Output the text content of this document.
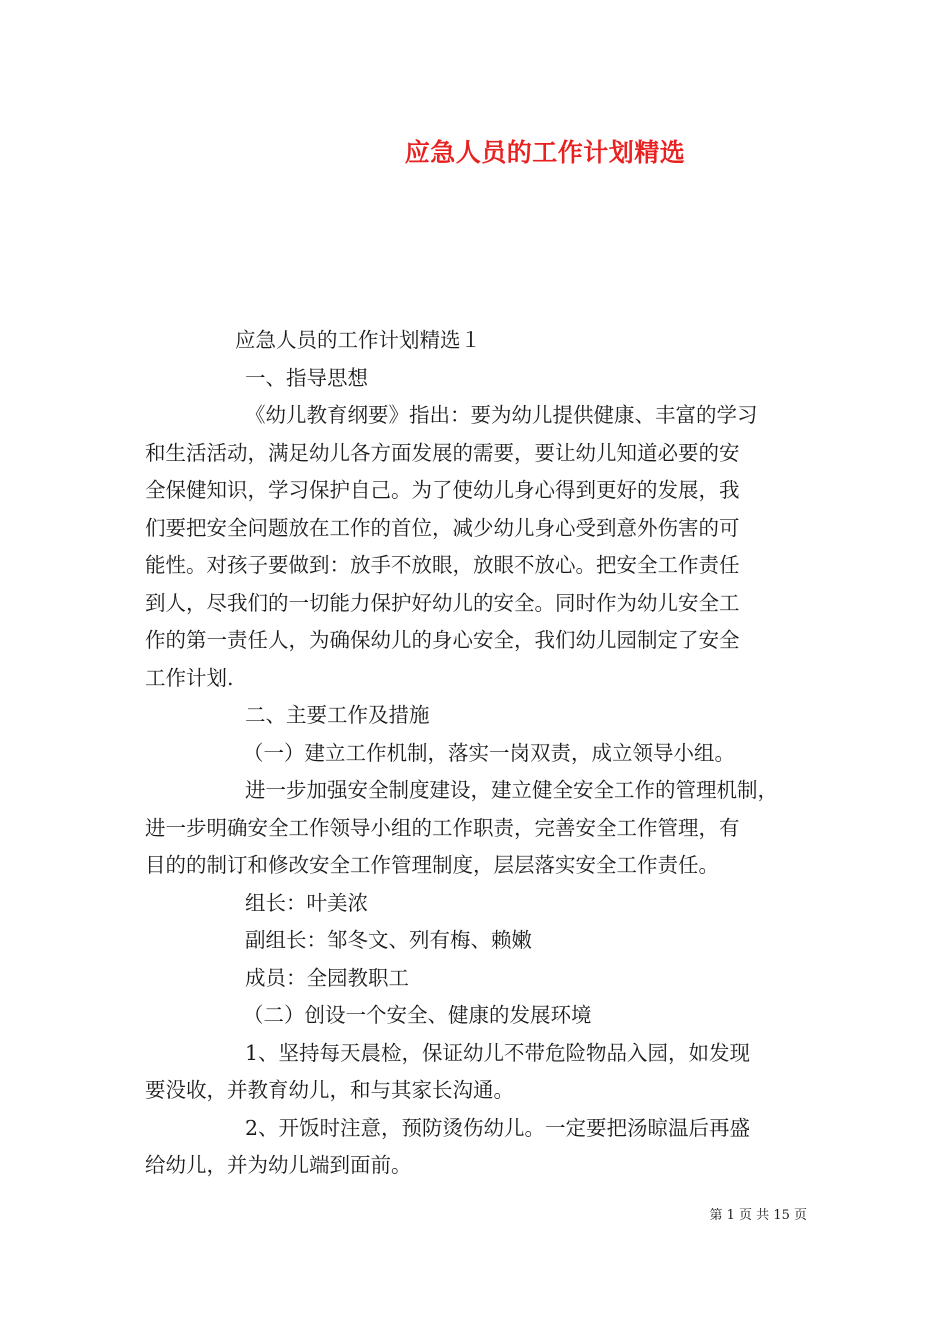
应急人员的工作计划精选
应急人员的工作计划精选１
一、指导思想
《幼儿教育纲要》指出：要为幼儿提供健康、丰富的学习
和生活活动，满足幼儿各方面发展的需要，要让幼儿知道必要的安
全保健知识，学习保护自己。为了使幼儿身心得到更好的发展，我
们要把安全问题放在工作的首位，减少幼儿身心受到意外伤害的可
能性。对孩子要做到：放手不放眼，放眼不放心。把安全工作责任
到人，尽我们的一切能力保护好幼儿的安全。同时作为幼儿安全工
作的第一责任人，为确保幼儿的身心安全，我们幼儿园制定了安全
工作计划.
二、主要工作及措施
（一）建立工作机制，落实一岗双责，成立领导小组。
进一步加强安全制度建设，建立健全安全工作的管理机制，
进一步明确安全工作领导小组的工作职责，完善安全工作管理，有
目的的制订和修改安全工作管理制度，层层落实安全工作责任。
组长：叶美浓
副组长：邹冬文、列有梅、赖嫩
成员：全园教职工
（二）创设一个安全、健康的发展环境
1、坚持每天晨检，保证幼儿不带危险物品入园，如发现
要没收，并教育幼儿，和与其家长沟通。
2、开饭时注意，预防烫伤幼儿。一定要把汤晾温后再盛
给幼儿，并为幼儿端到面前。
第 1 页 共 15 页
